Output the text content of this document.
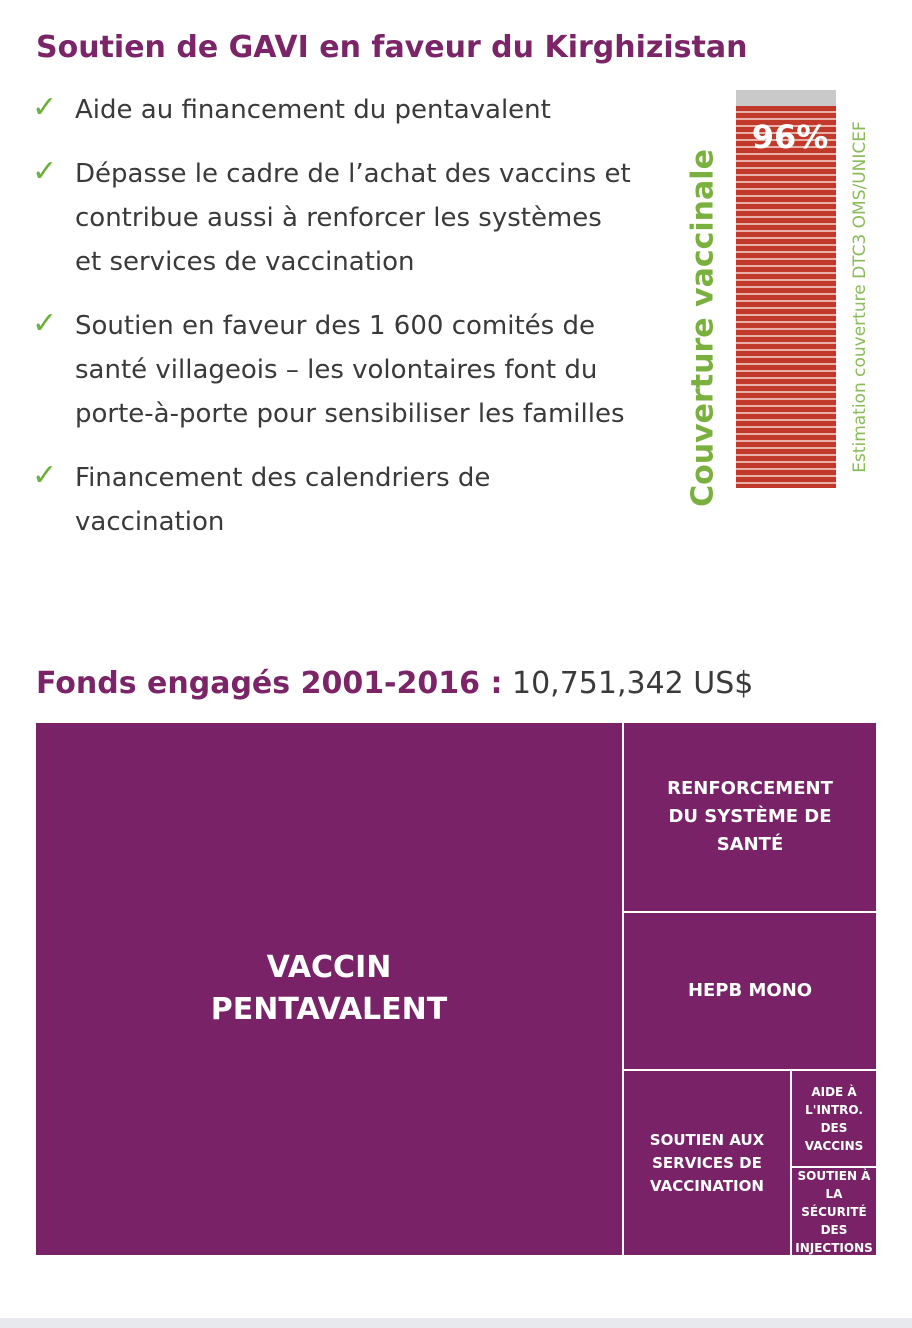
Soutien de GAVI en faveur du Kirghizistan
✓ Aide au financement du pentavalent
✓ Dépasse le cadre de l’achat des vaccins et contribue aussi à renforcer les systèmes et services de vaccination
✓ Soutien en faveur des 1 600 comités de santé villageois – les volontaires font du porte-à-porte pour sensibiliser les familles
✓ Financement des calendriers de vaccination
Couverture vaccinale
96%	Estimation couverture DTC3 OMS/UNICEF

Fonds engagés 2001-2016 : 10,751,342 US$

VACCIN
PENTAVALENT
RENFORCEMENT
DU SYSTÈME DE
SANTÉ
HEPB MONO
SOUTIEN AUX
SERVICES DE
VACCINATION
AIDE À
L'INTRO.
DES
VACCINS
SOUTIEN À
LA SÉCURITÉ
DES
INJECTIONS
